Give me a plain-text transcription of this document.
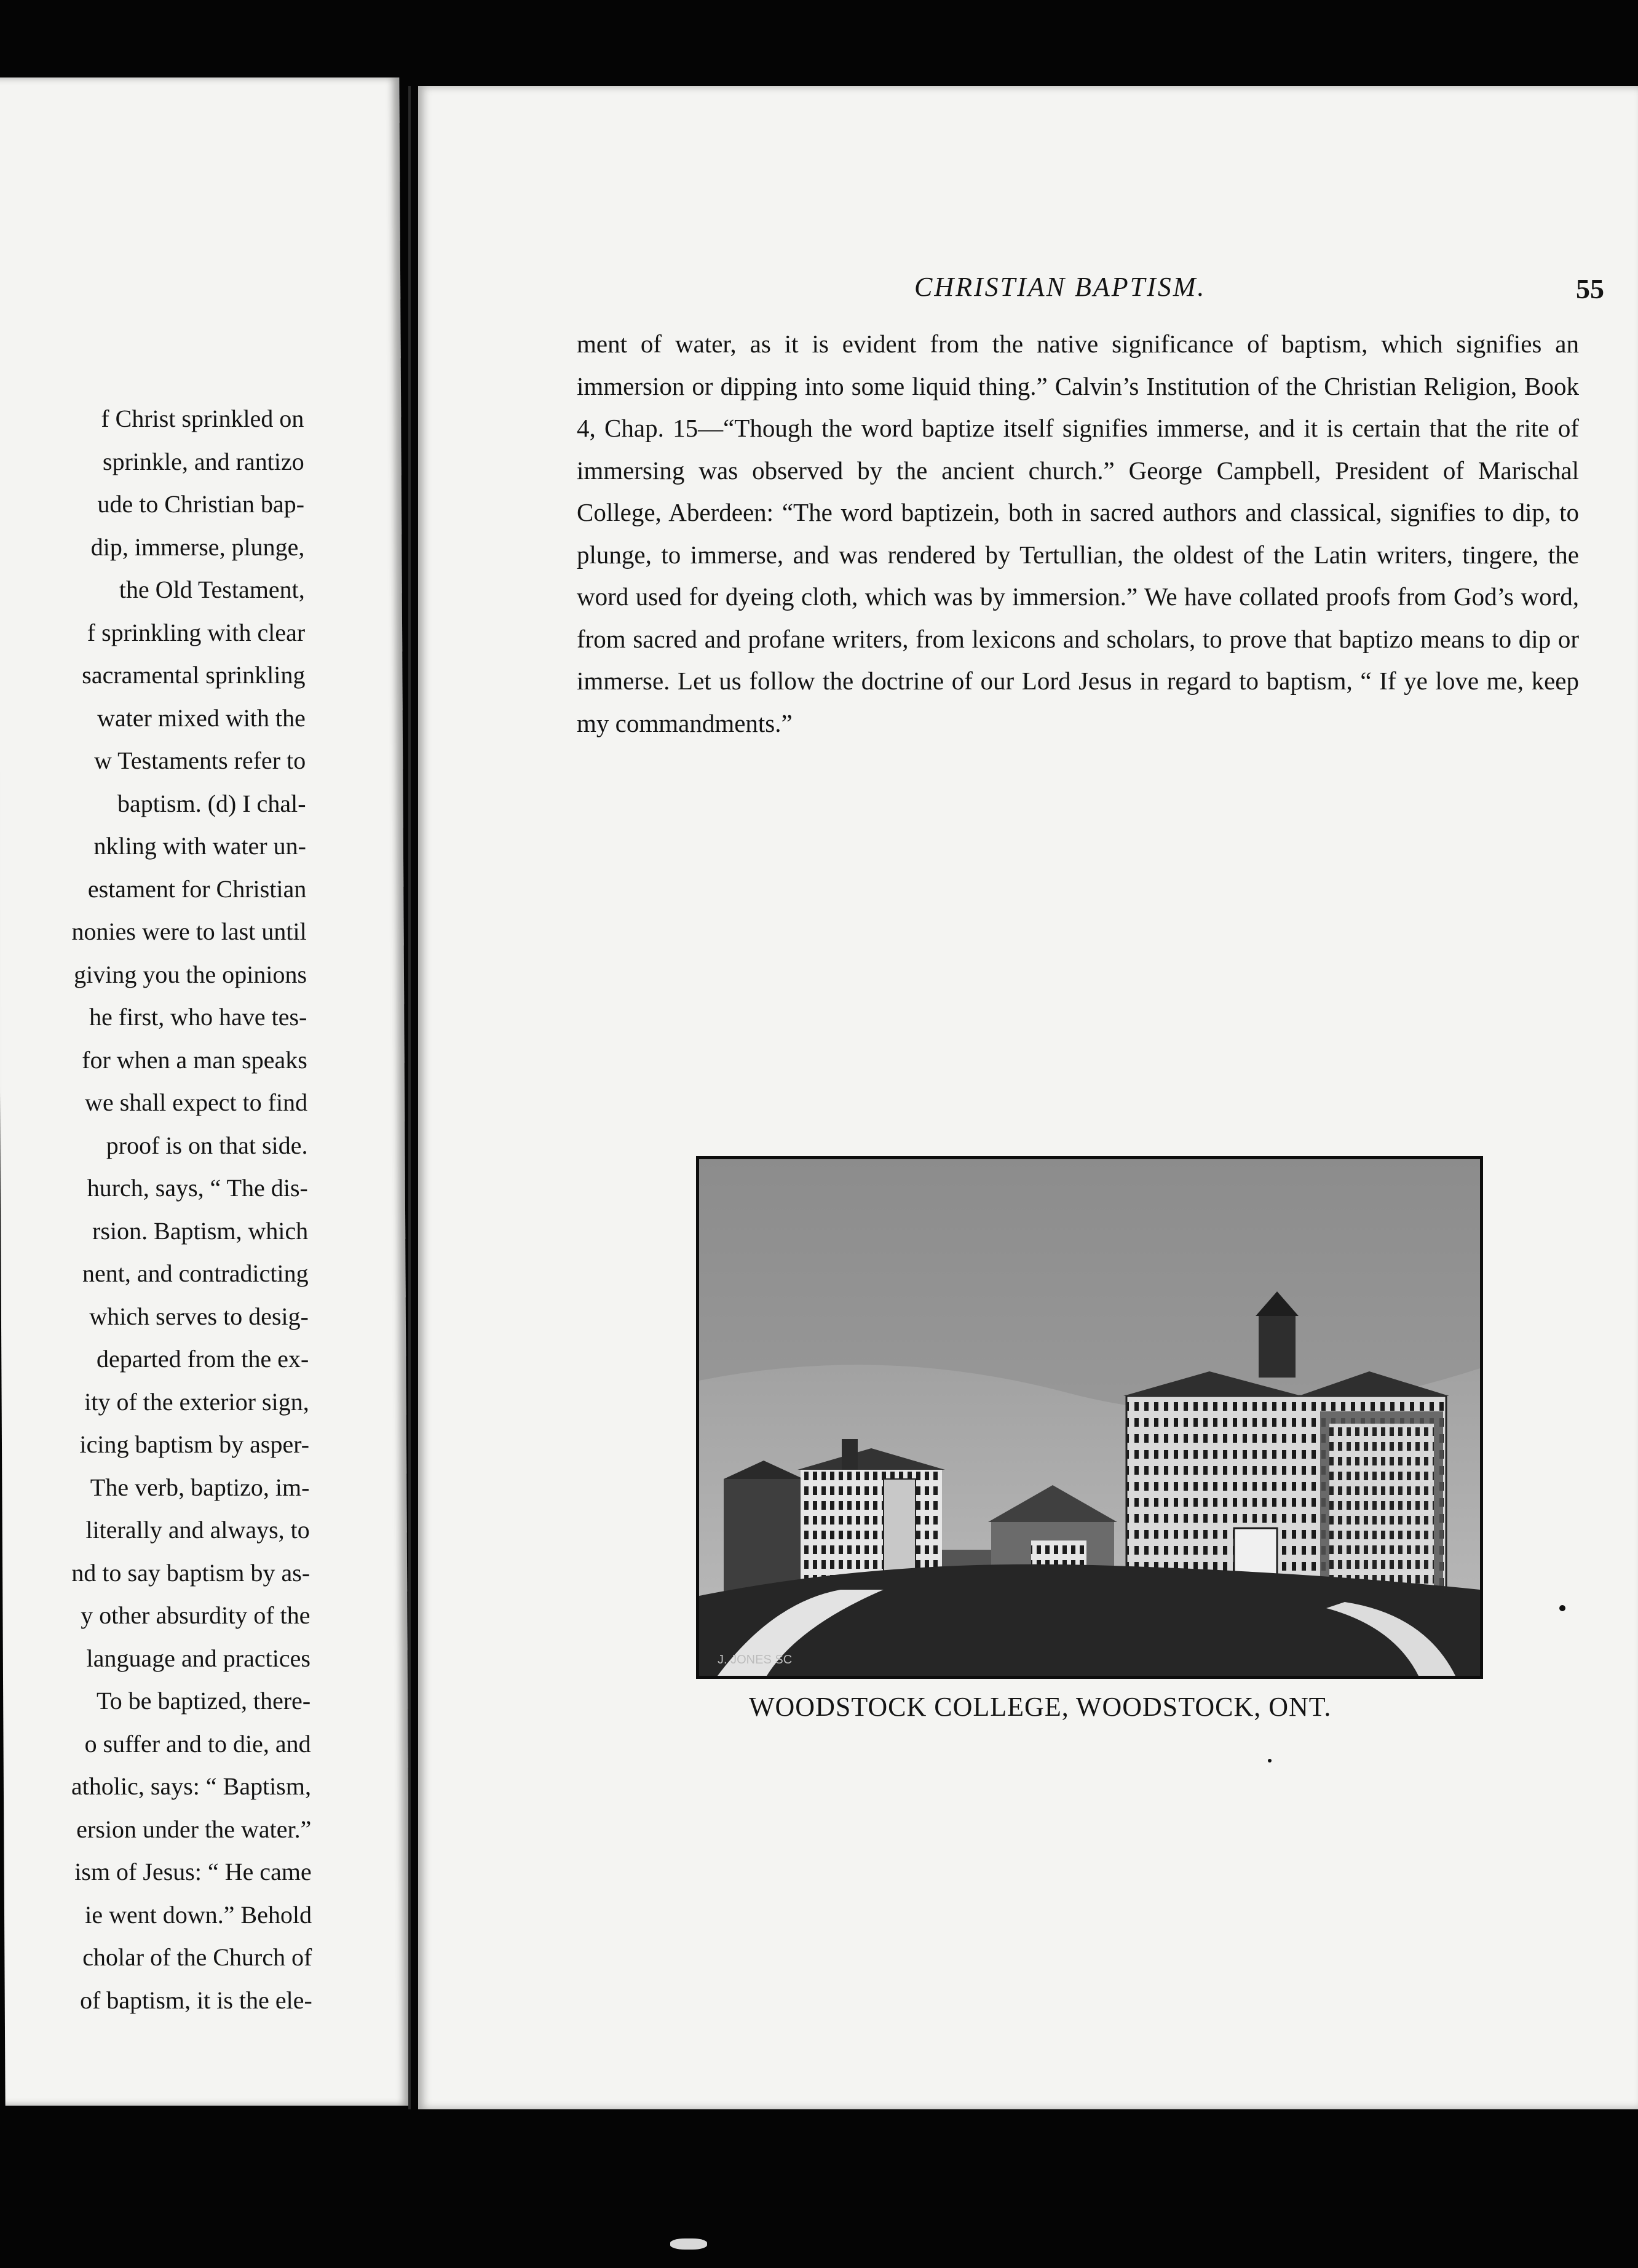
f Christ sprinkled on
sprinkle, and rantizo
ude to Christian bap-
dip, immerse, plunge,
the Old Testament,
f sprinkling with clear
sacramental sprinkling
water mixed with the
w Testaments refer to
baptism. (d) I chal-
nkling with water un-
estament for Christian
nonies were to last until
giving you the opinions
he first, who have tes-
for when a man speaks
we shall expect to find
proof is on that side.
hurch, says, “ The dis-
rsion. Baptism, which
nent, and contradicting
which serves to desig-
departed from the ex-
ity of the exterior sign,
icing baptism by asper-
The verb, baptizo, im-
literally and always, to
nd to say baptism by as-
y other absurdity of the
language and practices
To be baptized, there-
o suffer and to die, and
atholic, says: “ Baptism,
ersion under the water.”
ism of Jesus: “ He came
ie went down.” Behold
cholar of the Church of
of baptism, it is the ele-
CHRISTIAN BAPTISM.	55

ment of water, as it is evident from the native significance of baptism, which signifies an immersion or dipping into some liquid thing.” Calvin’s Institution of the Christian Religion, Book 4, Chap. 15—“Though the word baptize itself signifies immerse, and it is certain that the rite of immersing was observed by the ancient church.” George Campbell, President of Marischal College, Aberdeen: “The word baptizein, both in sacred authors and classical, signifies to dip, to plunge, to immerse, and was rendered by Tertullian, the oldest of the Latin writers, tingere, the word used for dyeing cloth, which was by immersion.” We have collated proofs from God’s word, from sacred and profane writers, from lexicons and scholars, to prove that baptizo means to dip or immerse. Let us follow the doctrine of our Lord Jesus in regard to baptism, “ If ye love me, keep my commandments.”

J. JONES SC
WOODSTOCK COLLEGE, WOODSTOCK, ONT.
